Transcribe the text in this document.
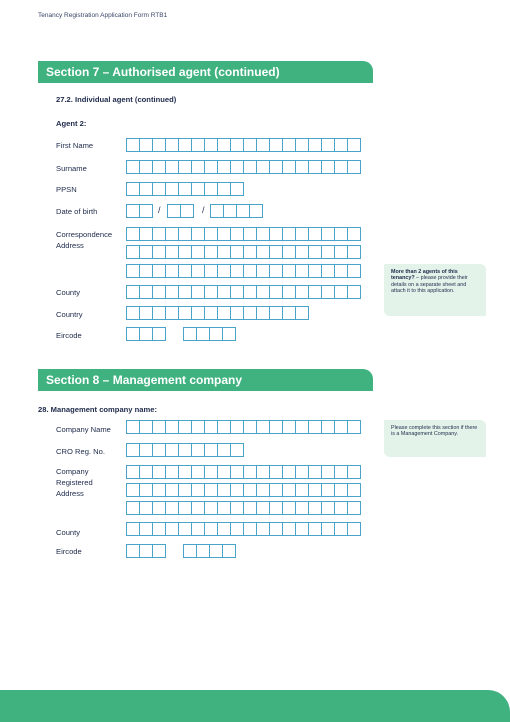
Tenancy Registration Application Form RTB1
Section 7 – Authorised agent (continued)
27.2. Individual agent (continued)
Agent 2:
First Name
Surname
PPSN
Date of birth	/	/
Correspondence Address
County
Country
Eircode
More than 2 agents of this tenancy? – please provide their details on a separate sheet and attach it to this application.
Section 8 – Management company
28. Management company name:
Company Name
CRO Reg. No.
Company Registered Address
County
Eircode
Please complete this section if there is a Management Company.
